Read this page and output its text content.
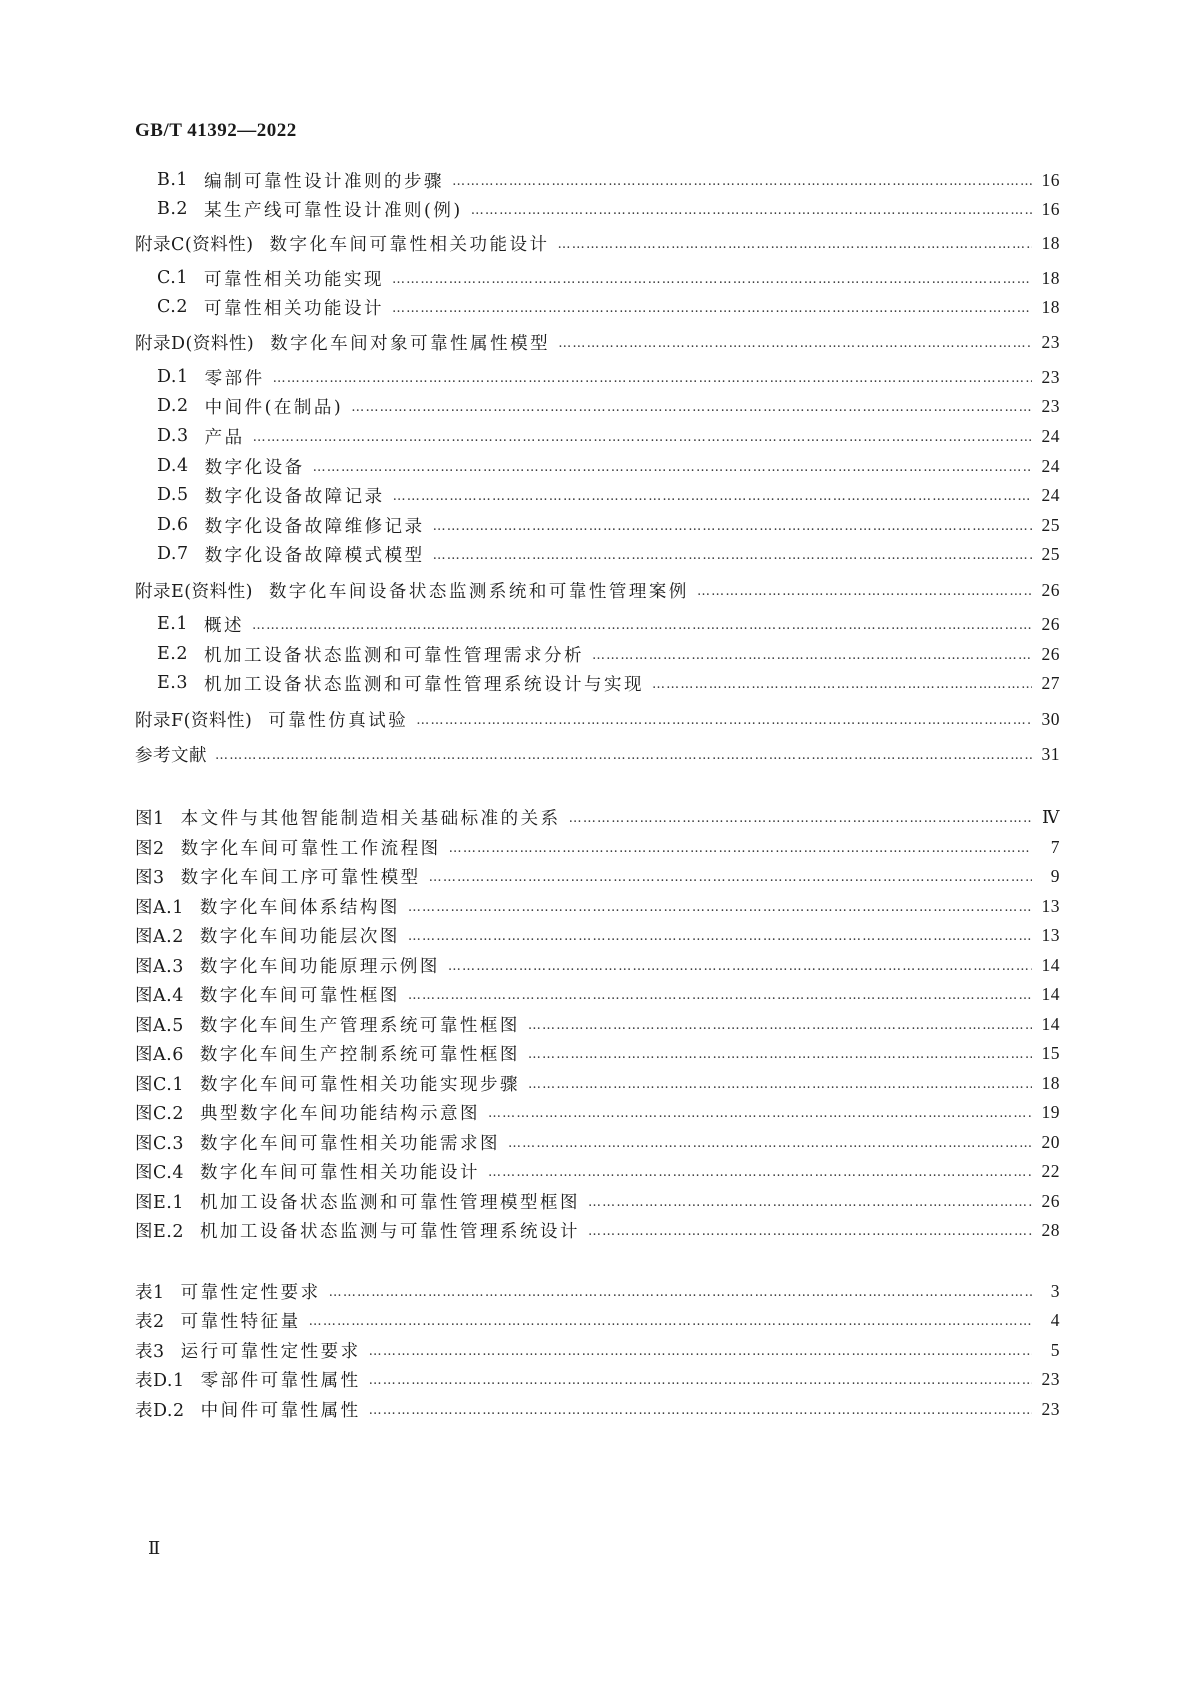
GB/T 41392—2022
B.1 编制可靠性设计准则的步骤 …………………………………………………………………………………………………………………………………………………………………………………………………………………………………………………………………………………………	16
B.2 某生产线可靠性设计准则(例) …………………………………………………………………………………………………………………………………………………………………………………………………………………………………………………………………………………………	16
附录C(资料性) 数字化车间可靠性相关功能设计 …………………………………………………………………………………………………………………………………………………………………………………………………………………………………………………………………………………………	18
C.1 可靠性相关功能实现 …………………………………………………………………………………………………………………………………………………………………………………………………………………………………………………………………………………………	18
C.2 可靠性相关功能设计 …………………………………………………………………………………………………………………………………………………………………………………………………………………………………………………………………………………………	18
附录D(资料性) 数字化车间对象可靠性属性模型 …………………………………………………………………………………………………………………………………………………………………………………………………………………………………………………………………………………………	23
D.1 零部件 …………………………………………………………………………………………………………………………………………………………………………………………………………………………………………………………………………………………	23
D.2 中间件(在制品) …………………………………………………………………………………………………………………………………………………………………………………………………………………………………………………………………………………………	23
D.3 产品 …………………………………………………………………………………………………………………………………………………………………………………………………………………………………………………………………………………………	24
D.4 数字化设备 …………………………………………………………………………………………………………………………………………………………………………………………………………………………………………………………………………………………	24
D.5 数字化设备故障记录 …………………………………………………………………………………………………………………………………………………………………………………………………………………………………………………………………………………………	24
D.6 数字化设备故障维修记录 …………………………………………………………………………………………………………………………………………………………………………………………………………………………………………………………………………………………	25
D.7 数字化设备故障模式模型 …………………………………………………………………………………………………………………………………………………………………………………………………………………………………………………………………………………………	25
附录E(资料性) 数字化车间设备状态监测系统和可靠性管理案例 …………………………………………………………………………………………………………………………………………………………………………………………………………………………………………………………………………………………	26
E.1 概述 …………………………………………………………………………………………………………………………………………………………………………………………………………………………………………………………………………………………	26
E.2 机加工设备状态监测和可靠性管理需求分析 …………………………………………………………………………………………………………………………………………………………………………………………………………………………………………………………………………………………	26
E.3 机加工设备状态监测和可靠性管理系统设计与实现 …………………………………………………………………………………………………………………………………………………………………………………………………………………………………………………………………………………………	27
附录F(资料性) 可靠性仿真试验 …………………………………………………………………………………………………………………………………………………………………………………………………………………………………………………………………………………………	30
参考文献 …………………………………………………………………………………………………………………………………………………………………………………………………………………………………………………………………………………………	31
图1 本文件与其他智能制造相关基础标准的关系 …………………………………………………………………………………………………………………………………………………………………………………………………………………………………………………………………………………………	Ⅳ
图2 数字化车间可靠性工作流程图 …………………………………………………………………………………………………………………………………………………………………………………………………………………………………………………………………………………………	7
图3 数字化车间工序可靠性模型 …………………………………………………………………………………………………………………………………………………………………………………………………………………………………………………………………………………………	9
图A.1 数字化车间体系结构图 …………………………………………………………………………………………………………………………………………………………………………………………………………………………………………………………………………………………	13
图A.2 数字化车间功能层次图 …………………………………………………………………………………………………………………………………………………………………………………………………………………………………………………………………………………………	13
图A.3 数字化车间功能原理示例图 …………………………………………………………………………………………………………………………………………………………………………………………………………………………………………………………………………………………	14
图A.4 数字化车间可靠性框图 …………………………………………………………………………………………………………………………………………………………………………………………………………………………………………………………………………………………	14
图A.5 数字化车间生产管理系统可靠性框图 …………………………………………………………………………………………………………………………………………………………………………………………………………………………………………………………………………………………	14
图A.6 数字化车间生产控制系统可靠性框图 …………………………………………………………………………………………………………………………………………………………………………………………………………………………………………………………………………………………	15
图C.1 数字化车间可靠性相关功能实现步骤 …………………………………………………………………………………………………………………………………………………………………………………………………………………………………………………………………………………………	18
图C.2 典型数字化车间功能结构示意图 …………………………………………………………………………………………………………………………………………………………………………………………………………………………………………………………………………………………	19
图C.3 数字化车间可靠性相关功能需求图 …………………………………………………………………………………………………………………………………………………………………………………………………………………………………………………………………………………………	20
图C.4 数字化车间可靠性相关功能设计 …………………………………………………………………………………………………………………………………………………………………………………………………………………………………………………………………………………………	22
图E.1 机加工设备状态监测和可靠性管理模型框图 …………………………………………………………………………………………………………………………………………………………………………………………………………………………………………………………………………………………	26
图E.2 机加工设备状态监测与可靠性管理系统设计 …………………………………………………………………………………………………………………………………………………………………………………………………………………………………………………………………………………………	28
表1 可靠性定性要求 …………………………………………………………………………………………………………………………………………………………………………………………………………………………………………………………………………………………	3
表2 可靠性特征量 …………………………………………………………………………………………………………………………………………………………………………………………………………………………………………………………………………………………	4
表3 运行可靠性定性要求 …………………………………………………………………………………………………………………………………………………………………………………………………………………………………………………………………………………………	5
表D.1 零部件可靠性属性 …………………………………………………………………………………………………………………………………………………………………………………………………………………………………………………………………………………………	23
表D.2 中间件可靠性属性 …………………………………………………………………………………………………………………………………………………………………………………………………………………………………………………………………………………………	23
Ⅱ
